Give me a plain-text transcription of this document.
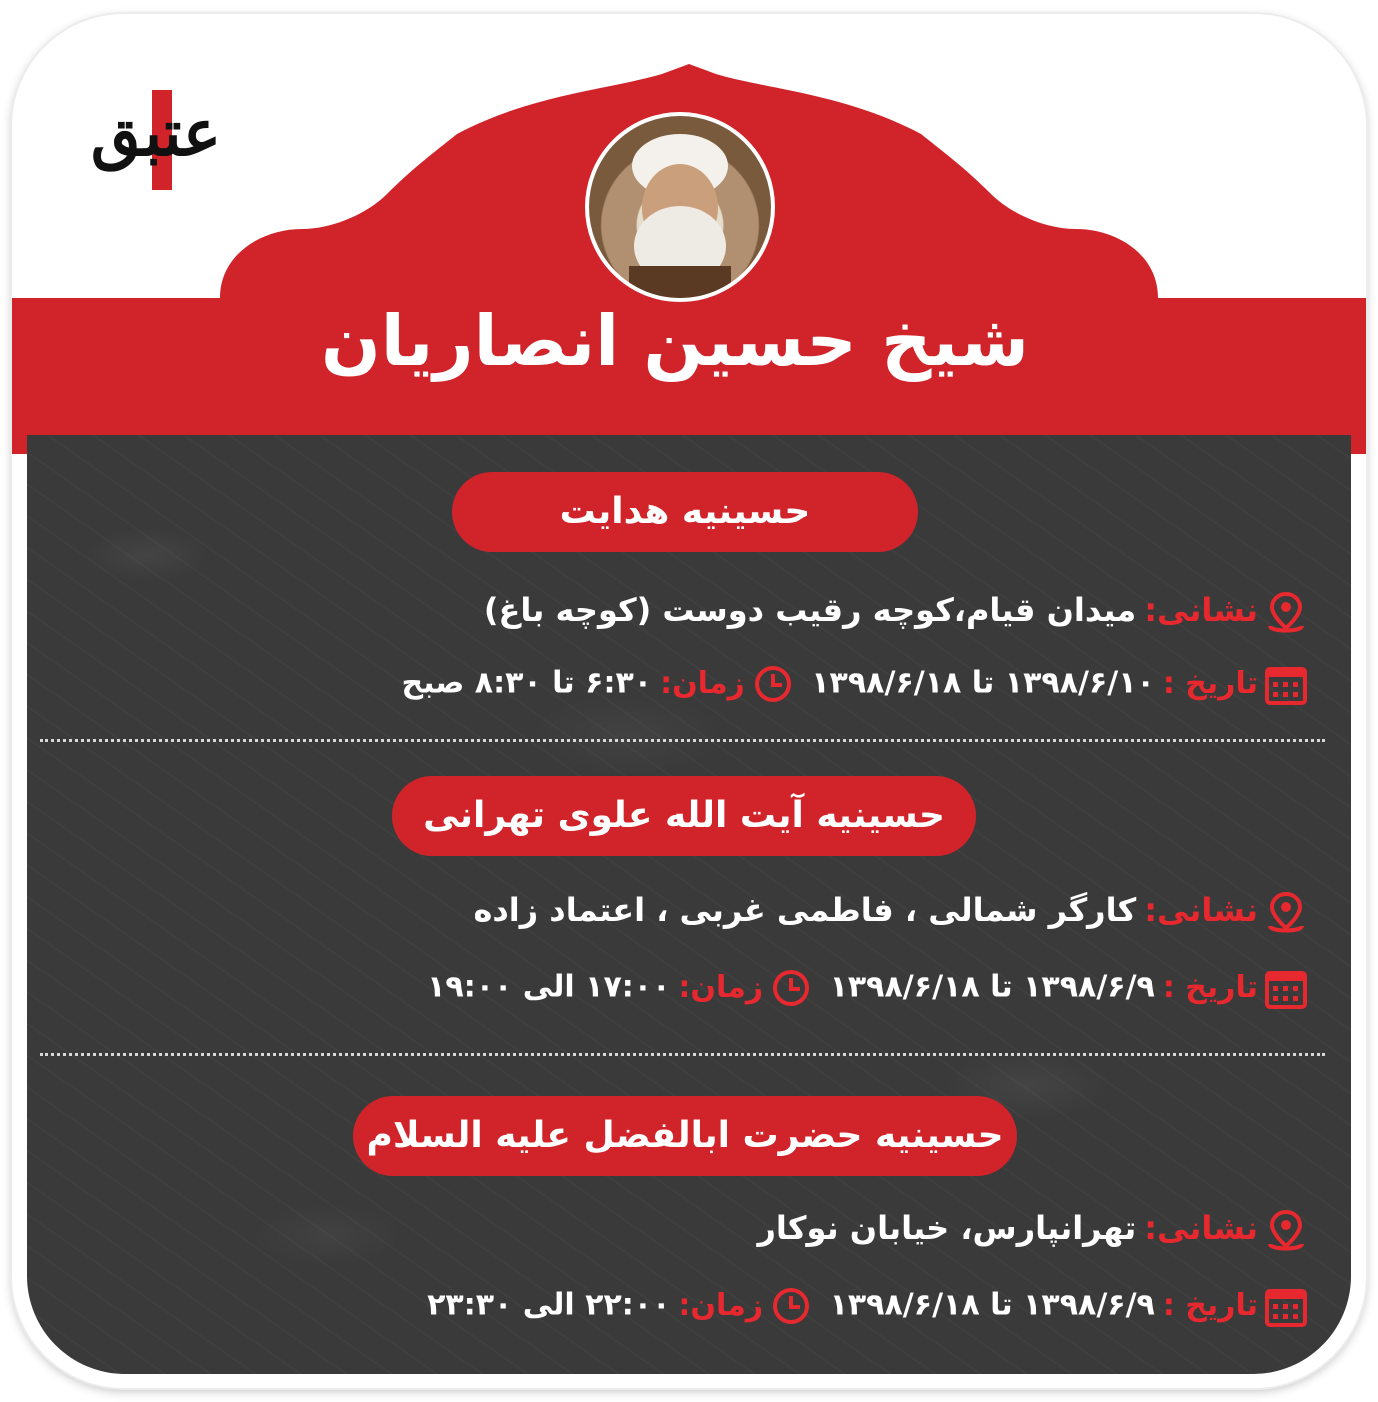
عتبق
شیخ حسین انصاریان
حسینیه هدایت
نشانی:میدان قیام،کوچه رقیب دوست (کوچه باغ)
تاریخ :۱۳۹۸/۶/۱۰ تا ۱۳۹۸/۶/۱۸ زمان:۶:۳۰ تا ۸:۳۰ صبح
حسینیه آیت الله علوی تهرانی
نشانی:کارگر شمالی ، فاطمی غربی ، اعتماد زاده
تاریخ :۱۳۹۸/۶/۹ تا ۱۳۹۸/۶/۱۸ زمان:۱۷:۰۰ الی ۱۹:۰۰
حسینیه حضرت ابالفضل علیه السلام
نشانی:تهرانپارس، خیابان نوکار
تاریخ :۱۳۹۸/۶/۹ تا ۱۳۹۸/۶/۱۸ زمان:۲۲:۰۰ الی ۲۳:۳۰
